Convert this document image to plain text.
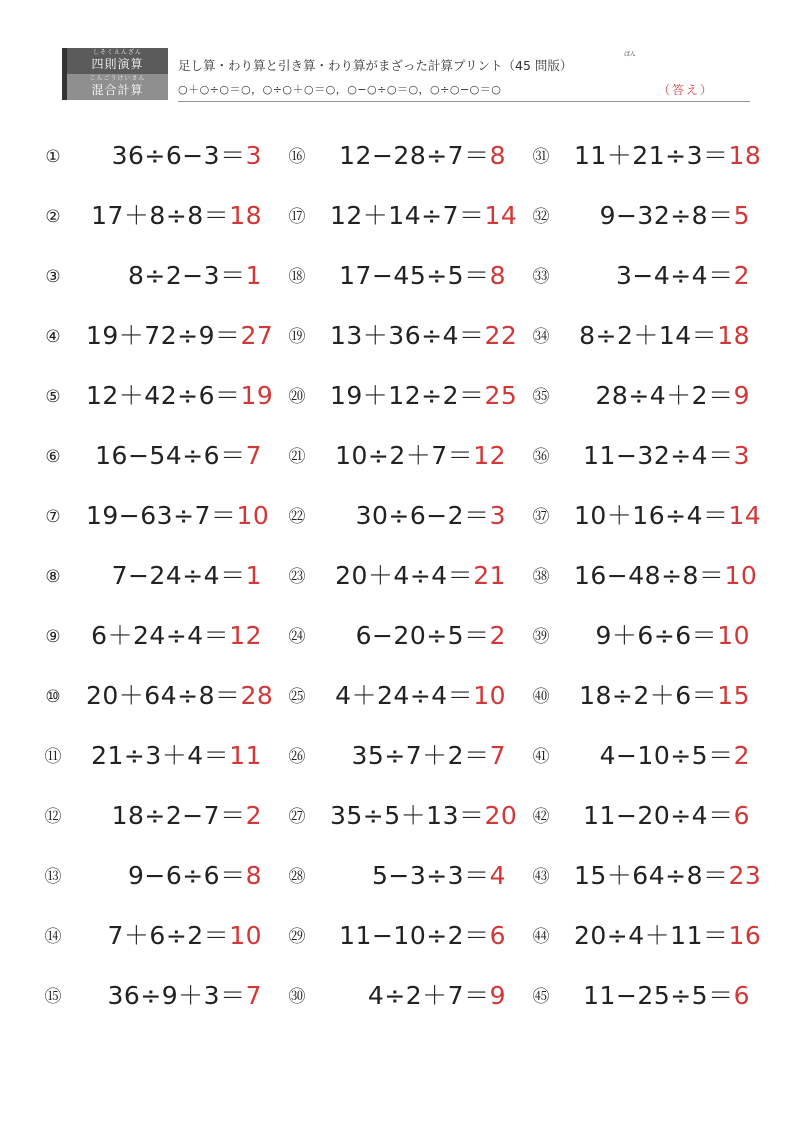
しそくえんざん
四則演算
こんごうけいさん
混合計算
足し算・わり算と引き算・わり算がまざった計算プリント（45 問版）
ばん
○＋○÷○＝○，○÷○＋○＝○，○−○÷○＝○，○÷○−○＝○	（答え）
①	36÷6−3＝3 ⑯	12−28÷7＝8 ㉛ 11＋21÷3＝18
② 17＋8÷8＝18 ⑰ 12＋14÷7＝14 ㉜	9−32÷8＝5
③	8÷2−3＝1 ⑱	17−45÷5＝8 ㉝	3−4÷4＝2
④ 19＋72÷9＝27 ⑲ 13＋36÷4＝22 ㉞ 8÷2＋14＝18
⑤ 12＋42÷6＝19 ⑳ 19＋12÷2＝25 ㉟	28÷4＋2＝9
⑥	16−54÷6＝7 ㉑ 10÷2＋7＝12 ㊱	11−32÷4＝3
⑦ 19−63÷7＝10 ㉒	30÷6−2＝3 ㊲ 10＋16÷4＝14
⑧	7−24÷4＝1 ㉓ 20＋4÷4＝21 ㊳ 16−48÷8＝10
⑨ 6＋24÷4＝12 ㉔	6−20÷5＝2 ㊴	9＋6÷6＝10
⑩ 20＋64÷8＝28 ㉕ 4＋24÷4＝10 ㊵ 18÷2＋6＝15
⑪ 21÷3＋4＝11 ㉖	35÷7＋2＝7 ㊶	4−10÷5＝2
⑫	18÷2−7＝2 ㉗ 35÷5＋13＝20 ㊷	11−20÷4＝6
⑬	9−6÷6＝8 ㉘	5−3÷3＝4 ㊸ 15＋64÷8＝23
⑭	7＋6÷2＝10 ㉙	11−10÷2＝6 ㊹ 20÷4＋11＝16
⑮	36÷9＋3＝7 ㉚	4÷2＋7＝9 ㊺	11−25÷5＝6
